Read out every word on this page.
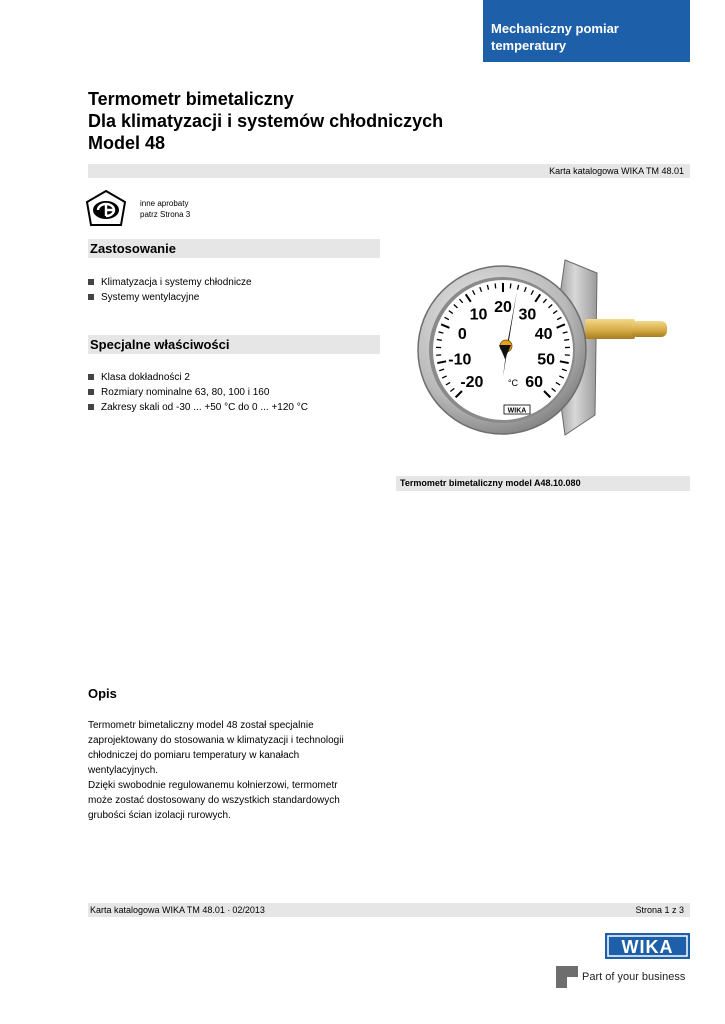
Mechaniczny pomiar
temperatury
Termometr bimetaliczny
Dla klimatyzacji i systemów chłodniczych
Model 48
Karta katalogowa WIKA TM 48.01
inne aprobaty
patrz Strona 3
Zastosowanie
Klimatyzacja i systemy chłodnicze
Systemy wentylacyjne
Specjalne właściwości
Klasa dokładności 2
Rozmiary nominalne 63, 80, 100 i 160
Zakresy skali od -30 ... +50 °C do 0 ... +120 °C
-20
-10
0
10 20 30
40
50
60
°C
WIKA
Termometr bimetaliczny model A48.10.080
Opis
Termometr bimetaliczny model 48 został specjalnie
zaprojektowany do stosowania w klimatyzacji i technologii
chłodniczej do pomiaru temperatury w kanałach
wentylacyjnych.
Dzięki swobodnie regulowanemu kołnierzowi, termometr
może zostać dostosowany do wszystkich standardowych
grubości ścian izolacji rurowych.
Karta katalogowa WIKA TM 48.01 ∙ 02/2013	Strona 1 z 3
WIKA
Part of your business
